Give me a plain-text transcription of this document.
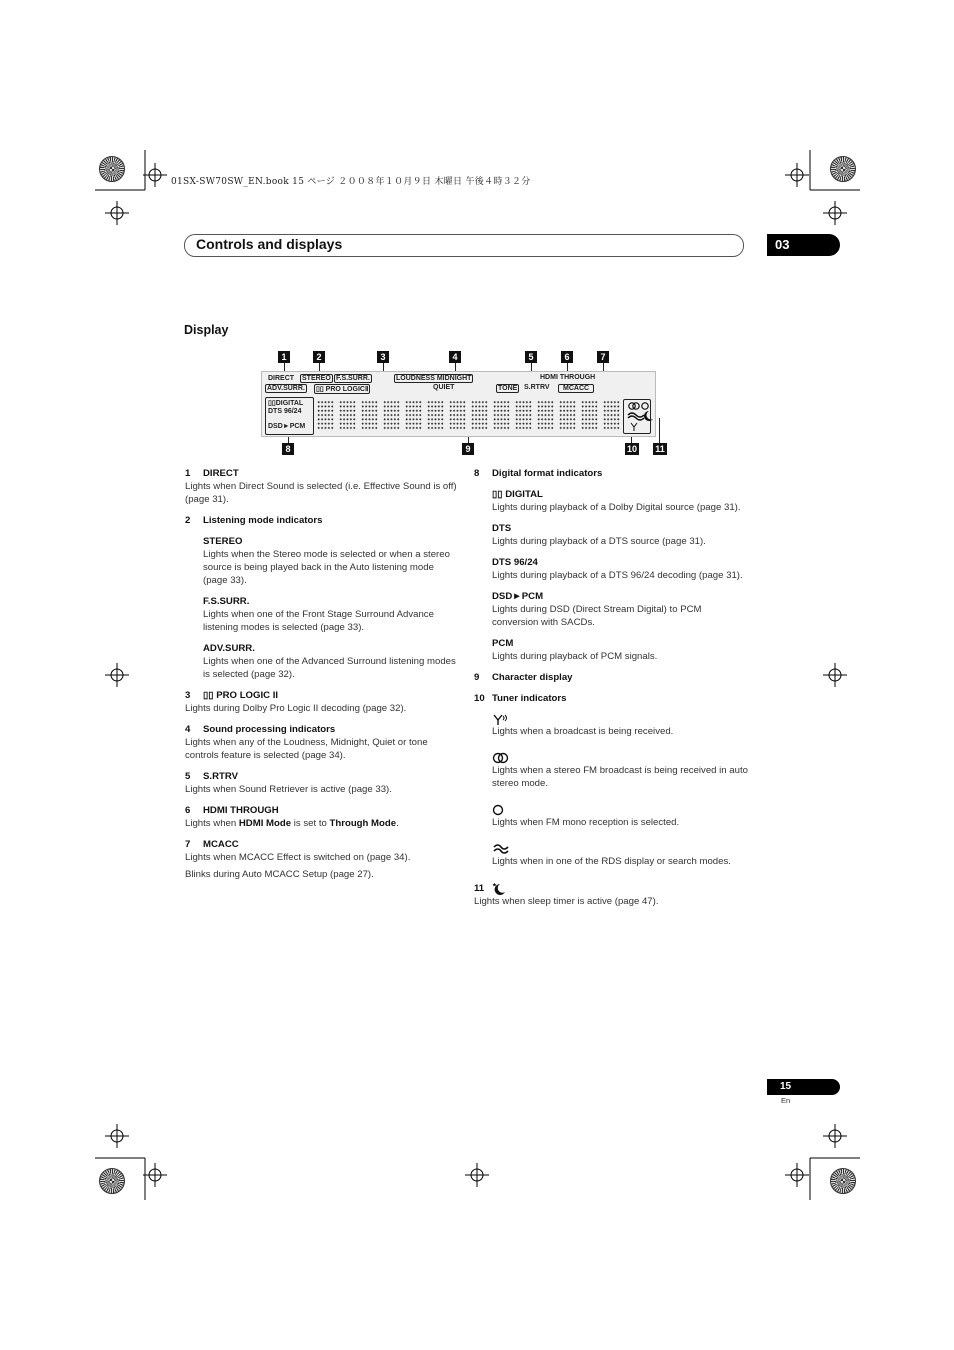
01SX-SW70SW_EN.book 15 ページ ２００８年１０月９日 木曜日 午後４時３２分
Controls and displays	03
Display
1	2	3	4	5	6	7
8	9	10 11
DIRECT STEREO F.S.SURR.
ADV.SURR. ▯▯ PRO LOGICⅡ
LOUDNESS MIDNIGHT
QUIET	TONE
HDMI THROUGH
S.RTRV	MCACC
▯▯DIGITAL
DTS 96/24
DSD►PCM
1 DIRECT
Lights when Direct Sound is selected (i.e. Effective Sound is off) (page 31).
2 Listening mode indicators
STEREO
Lights when the Stereo mode is selected or when a stereo source is being played back in the Auto listening mode (page 33).
F.S.SURR.
Lights when one of the Front Stage Surround Advance listening modes is selected (page 33).
ADV.SURR.
Lights when one of the Advanced Surround listening modes is selected (page 32).
3 ▯▯ PRO LOGIC II
Lights during Dolby Pro Logic II decoding (page 32).
4 Sound processing indicators
Lights when any of the Loudness, Midnight, Quiet or tone controls feature is selected (page 34).
5 S.RTRV
Lights when Sound Retriever is active (page 33).
6 HDMI THROUGH
Lights when HDMI Mode is set to Through Mode.
7 MCACC
Lights when MCACC Effect is switched on (page 34).
Blinks during Auto MCACC Setup (page 27).
8 Digital format indicators
▯▯ DIGITAL
Lights during playback of a Dolby Digital source (page 31).
DTS
Lights during playback of a DTS source (page 31).
DTS 96/24
Lights during playback of a DTS 96/24 decoding (page 31).
DSD►PCM
Lights during DSD (Direct Stream Digital) to PCM conversion with SACDs.
PCM
Lights during playback of PCM signals.
9 Character display
10 Tuner indicators
Lights when a broadcast is being received.
Lights when a stereo FM broadcast is being received in auto stereo mode.
Lights when FM mono reception is selected.
Lights when in one of the RDS display or search modes.
11
Lights when sleep timer is active (page 47).
15
En
